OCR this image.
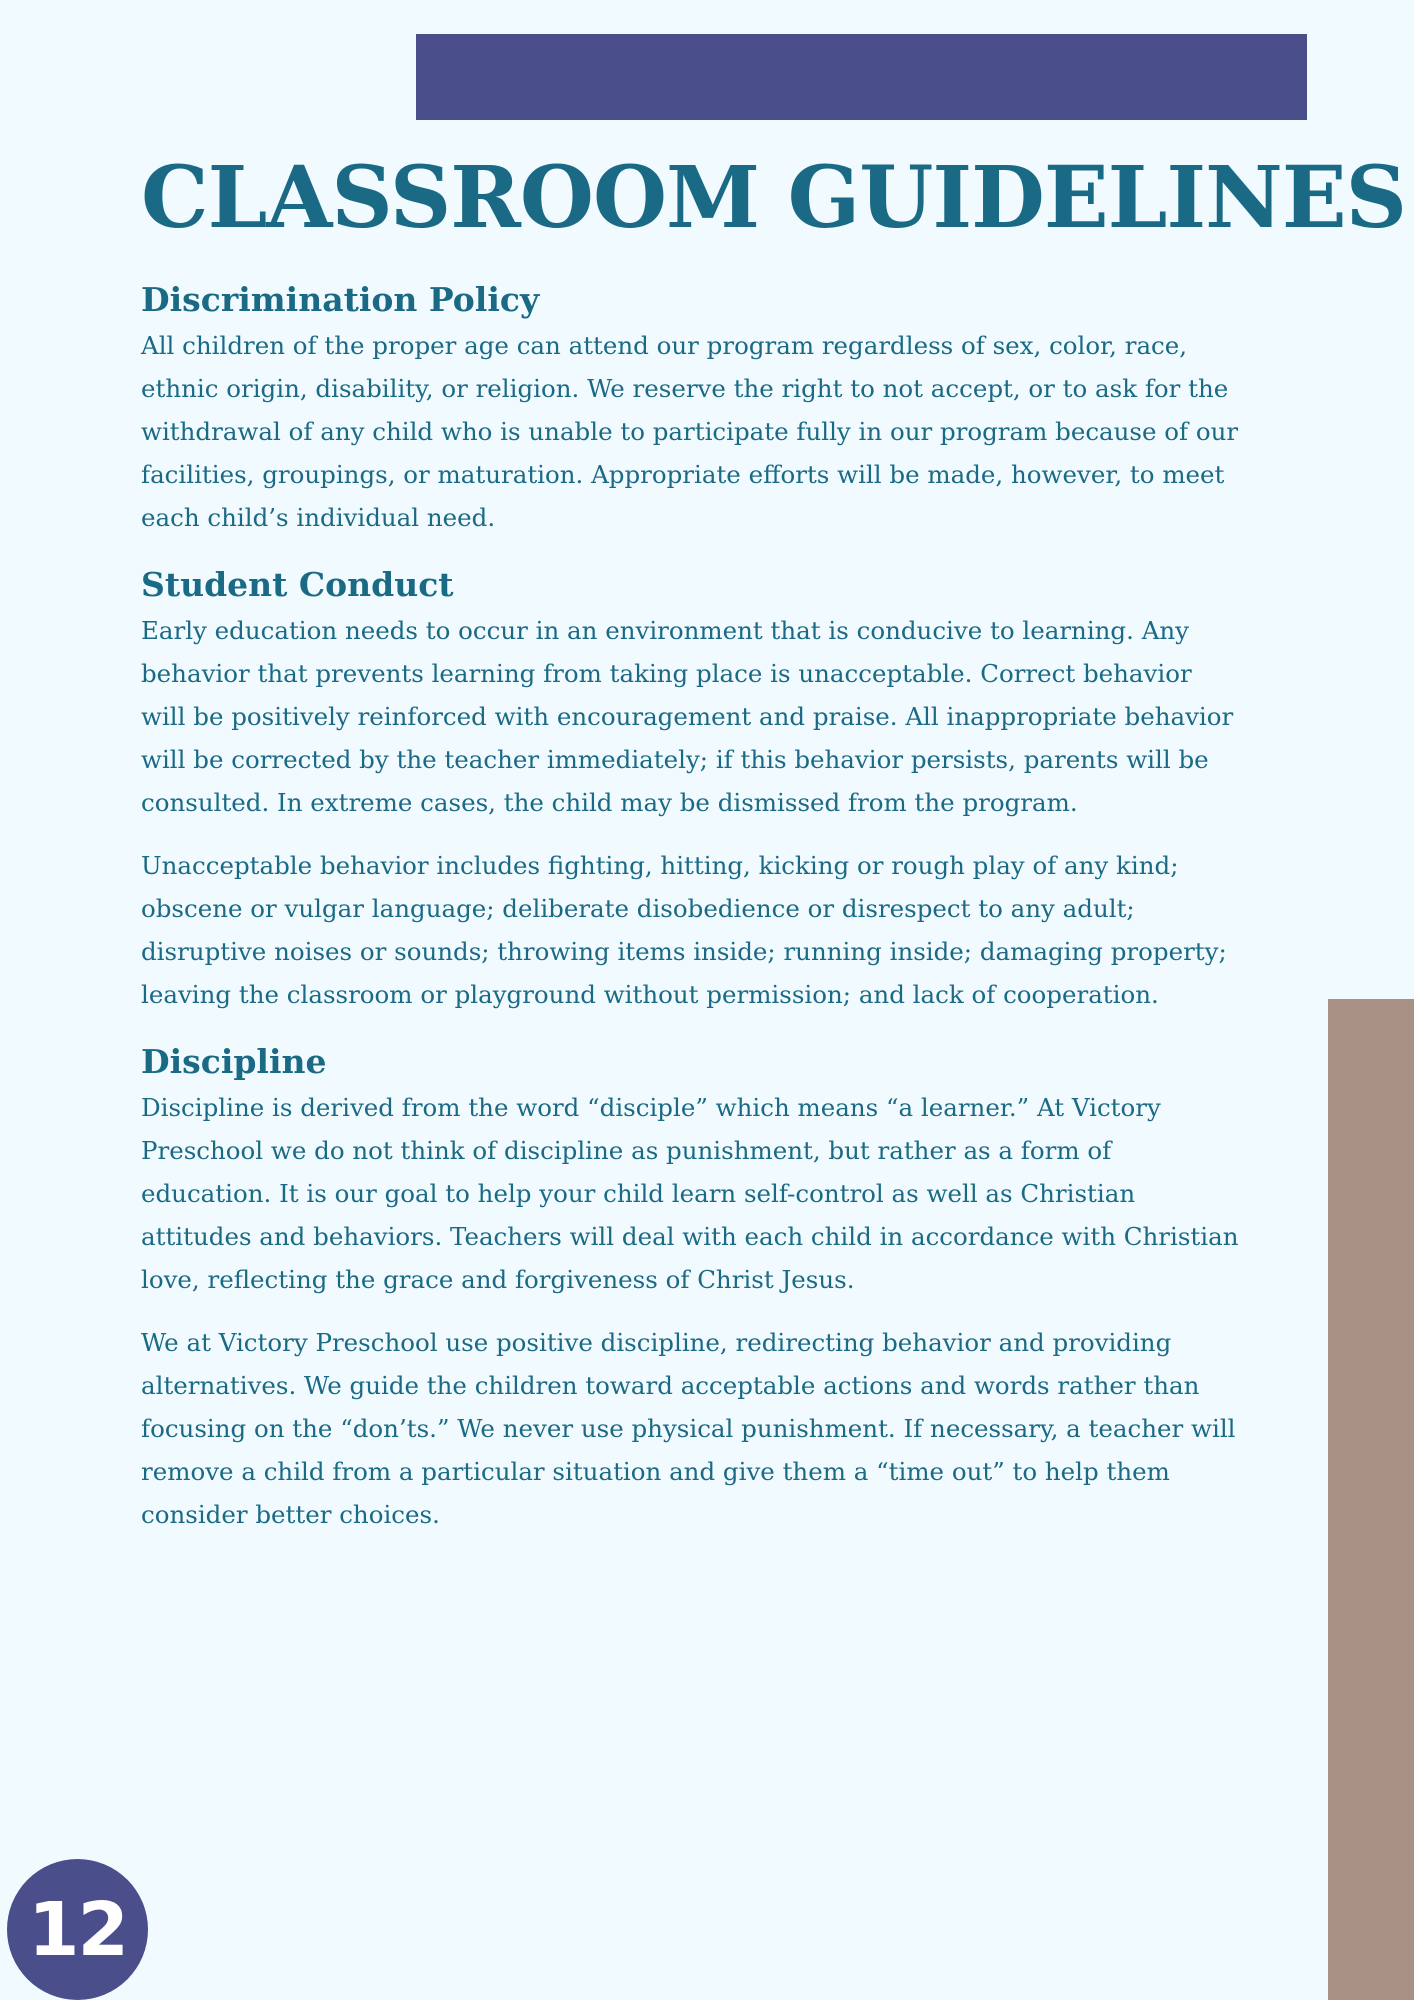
CLASSROOM GUIDELINES
Discrimination Policy

All children of the proper age can attend our program regardless of sex, color, race, ethnic origin, disability, or religion. We reserve the right to not accept, or to ask for the withdrawal of any child who is unable to participate fully in our program because of our facilities, groupings, or maturation. Appropriate efforts will be made, however, to meet each child’s individual need.

Student Conduct

Early education needs to occur in an environment that is conducive to learning. Any behavior that prevents learning from taking place is unacceptable. Correct behavior will be positively reinforced with encouragement and praise. All inappropriate behavior will be corrected by the teacher immediately; if this behavior persists, parents will be consulted. In extreme cases, the child may be dismissed from the program.

Unacceptable behavior includes fighting, hitting, kicking or rough play of any kind; obscene or vulgar language; deliberate disobedience or disrespect to any adult; disruptive noises or sounds; throwing items inside; running inside; damaging property; leaving the classroom or playground without permission; and lack of cooperation.

Discipline

Discipline is derived from the word “disciple” which means “a learner.” At Victory Preschool we do not think of discipline as punishment, but rather as a form of education. It is our goal to help your child learn self-control as well as Christian attitudes and behaviors. Teachers will deal with each child in accordance with Christian love, reflecting the grace and forgiveness of Christ Jesus.

We at Victory Preschool use positive discipline, redirecting behavior and providing alternatives. We guide the children toward acceptable actions and words rather than focusing on the “don’ts.” We never use physical punishment. If necessary, a teacher will remove a child from a particular situation and give them a “time out” to help them consider better choices.

12
